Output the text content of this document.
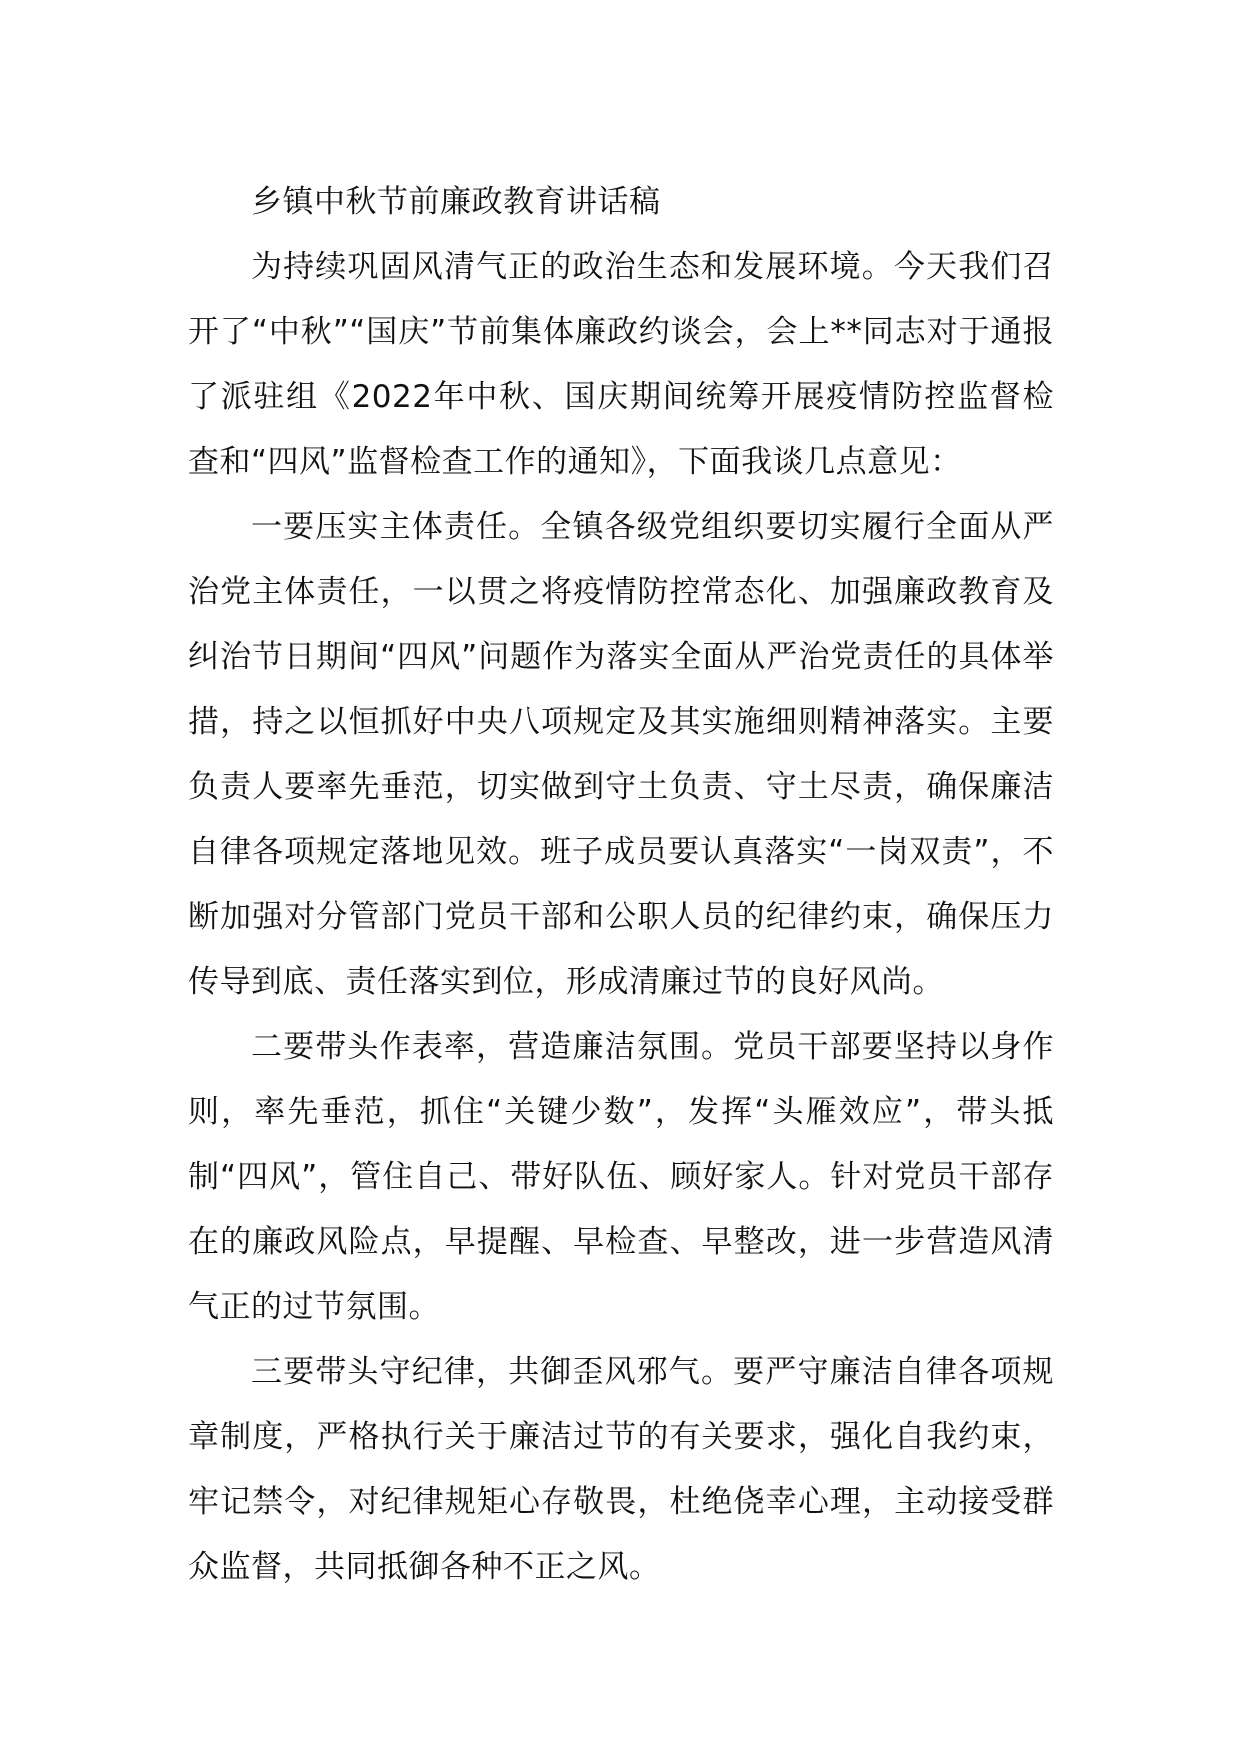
乡镇中秋节前廉政教育讲话稿

为持续巩固风清气正的政治生态和发展环境。今天我们召开了“中秋”“国庆”节前集体廉政约谈会，会上**同志对于通报了派驻组《2022年中秋、国庆期间统筹开展疫情防控监督检查和“四风”监督检查工作的通知》，下面我谈几点意见：

一要压实主体责任。全镇各级党组织要切实履行全面从严治党主体责任，一以贯之将疫情防控常态化、加强廉政教育及纠治节日期间“四风”问题作为落实全面从严治党责任的具体举措，持之以恒抓好中央八项规定及其实施细则精神落实。主要负责人要率先垂范，切实做到守土负责、守土尽责，确保廉洁自律各项规定落地见效。班子成员要认真落实“一岗双责”，不断加强对分管部门党员干部和公职人员的纪律约束，确保压力传导到底、责任落实到位，形成清廉过节的良好风尚。

二要带头作表率，营造廉洁氛围。党员干部要坚持以身作则，率先垂范，抓住“关键少数”，发挥“头雁效应”，带头抵制“四风”，管住自己、带好队伍、顾好家人。针对党员干部存在的廉政风险点，早提醒、早检查、早整改，进一步营造风清气正的过节氛围。

三要带头守纪律，共御歪风邪气。要严守廉洁自律各项规章制度，严格执行关于廉洁过节的有关要求，强化自我约束，牢记禁令，对纪律规矩心存敬畏，杜绝侥幸心理，主动接受群众监督，共同抵御各种不正之风。
